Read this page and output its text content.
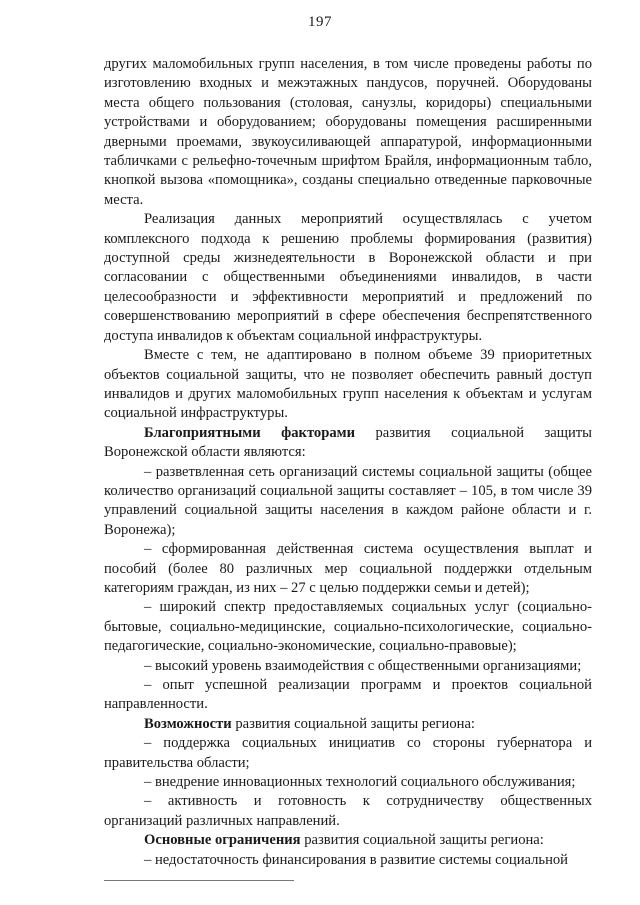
197

других маломобильных групп населения, в том числе проведены работы по изготовлению входных и межэтажных пандусов, поручней. Оборудованы места общего пользования (столовая, санузлы, коридоры) специальными устройствами и оборудованием; оборудованы помещения расширенными дверными проемами, звукоусиливающей аппаратурой, информационными табличками с рельефно-точечным шрифтом Брайля, информационным табло, кнопкой вызова «помощника», созданы специально отведенные парковочные места.

Реализация данных мероприятий осуществлялась с учетом комплексного подхода к решению проблемы формирования (развития) доступной среды жизнедеятельности в Воронежской области и при согласовании с общественными объединениями инвалидов, в части целесообразности и эффективности мероприятий и предложений по совершенствованию мероприятий в сфере обеспечения беспрепятственного доступа инвалидов к объектам социальной инфраструктуры.

Вместе с тем, не адаптировано в полном объеме 39 приоритетных объектов социальной защиты, что не позволяет обеспечить равный доступ инвалидов и других маломобильных групп населения к объектам и услугам социальной инфраструктуры.

Благоприятными факторами развития социальной защиты Воронежской области являются:

– разветвленная сеть организаций системы социальной защиты (общее количество организаций социальной защиты составляет – 105, в том числе 39 управлений социальной защиты населения в каждом районе области и г. Воронежа);

– сформированная действенная система осуществления выплат и пособий (более 80 различных мер социальной поддержки отдельным категориям граждан, из них – 27 с целью поддержки семьи и детей);

– широкий спектр предоставляемых социальных услуг (социально-бытовые, социально-медицинские, социально-психологические, социально-педагогические, социально-экономические, социально-правовые);

– высокий уровень взаимодействия с общественными организациями;

– опыт успешной реализации программ и проектов социальной направленности.

Возможности развития социальной защиты региона:

– поддержка социальных инициатив со стороны губернатора и правительства области;

– внедрение инновационных технологий социального обслуживания;

– активность и готовность к сотрудничеству общественных организаций различных направлений.

Основные ограничения развития социальной защиты региона:

– недостаточность финансирования в развитие системы социальной
